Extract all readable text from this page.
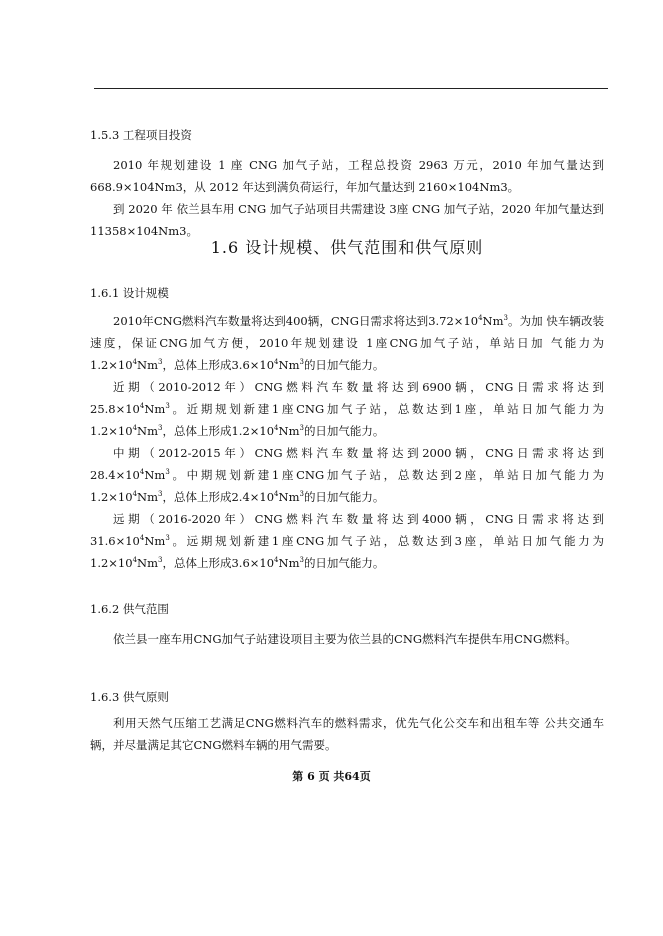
1.5.3 工程项目投资

2010 年规划建设 1 座 CNG 加气子站，工程总投资 2963 万元，2010 年加气量达到668.9×104Nm3，从 2012 年达到满负荷运行，年加气量达到 2160×104Nm3。

到 2020 年 依兰县车用 CNG 加气子站项目共需建设 3座 CNG 加气子站，2020 年加气量达到 11358×104Nm3。

1.6 设计规模、供气范围和供气原则

1.6.1 设计规模

2010年CNG燃料汽车数量将达到400辆，CNG日需求将达到$3.72\times 10^4Nm^3$。为加 快车辆改装速度，保证CNG加气方便，2010年规划建设 1座CNG加气子站，单站日加 气能力为$1.2\times 10^4Nm^3$，总体上形成$3.6\times 10^4Nm^3$的日加气能力。

近期（2010-2012年）CNG燃料汽车数量将达到6900辆，CNG日需求将达到$25.8\times 10^4Nm^3$。近期规划新建1座CNG加气子站，总数达到1座，单站日加气能力为$1.2\times 10^4Nm^3$，总体上形成$1.2\times 10^4Nm^3$的日加气能力。

中期（2012-2015年）CNG燃料汽车数量将达到2000辆，CNG日需求将达到$28.4\times 10^4Nm^3$。中期规划新建1座CNG加气子站，总数达到2座，单站日加气能力为$1.2\times 10^4Nm^3$，总体上形成$2.4\times 10^4Nm^3$的日加气能力。

远期（2016-2020年）CNG燃料汽车数量将达到4000辆，CNG日需求将达到$31.6\times 10^4Nm^3$。远期规划新建1座CNG加气子站，总数达到3座，单站日加气能力为$1.2\times 10^4Nm^3$，总体上形成$3.6\times 10^4Nm^3$的日加气能力。

1.6.2 供气范围

依兰县一座车用CNG加气子站建设项目主要为依兰县的CNG燃料汽车提供车用CNG燃料。

1.6.3 供气原则

利用天然气压缩工艺满足CNG燃料汽车的燃料需求，优先气化公交车和出租车等 公共交通车辆，并尽量满足其它CNG燃料车辆的用气需要。

第 6 页 共64页
